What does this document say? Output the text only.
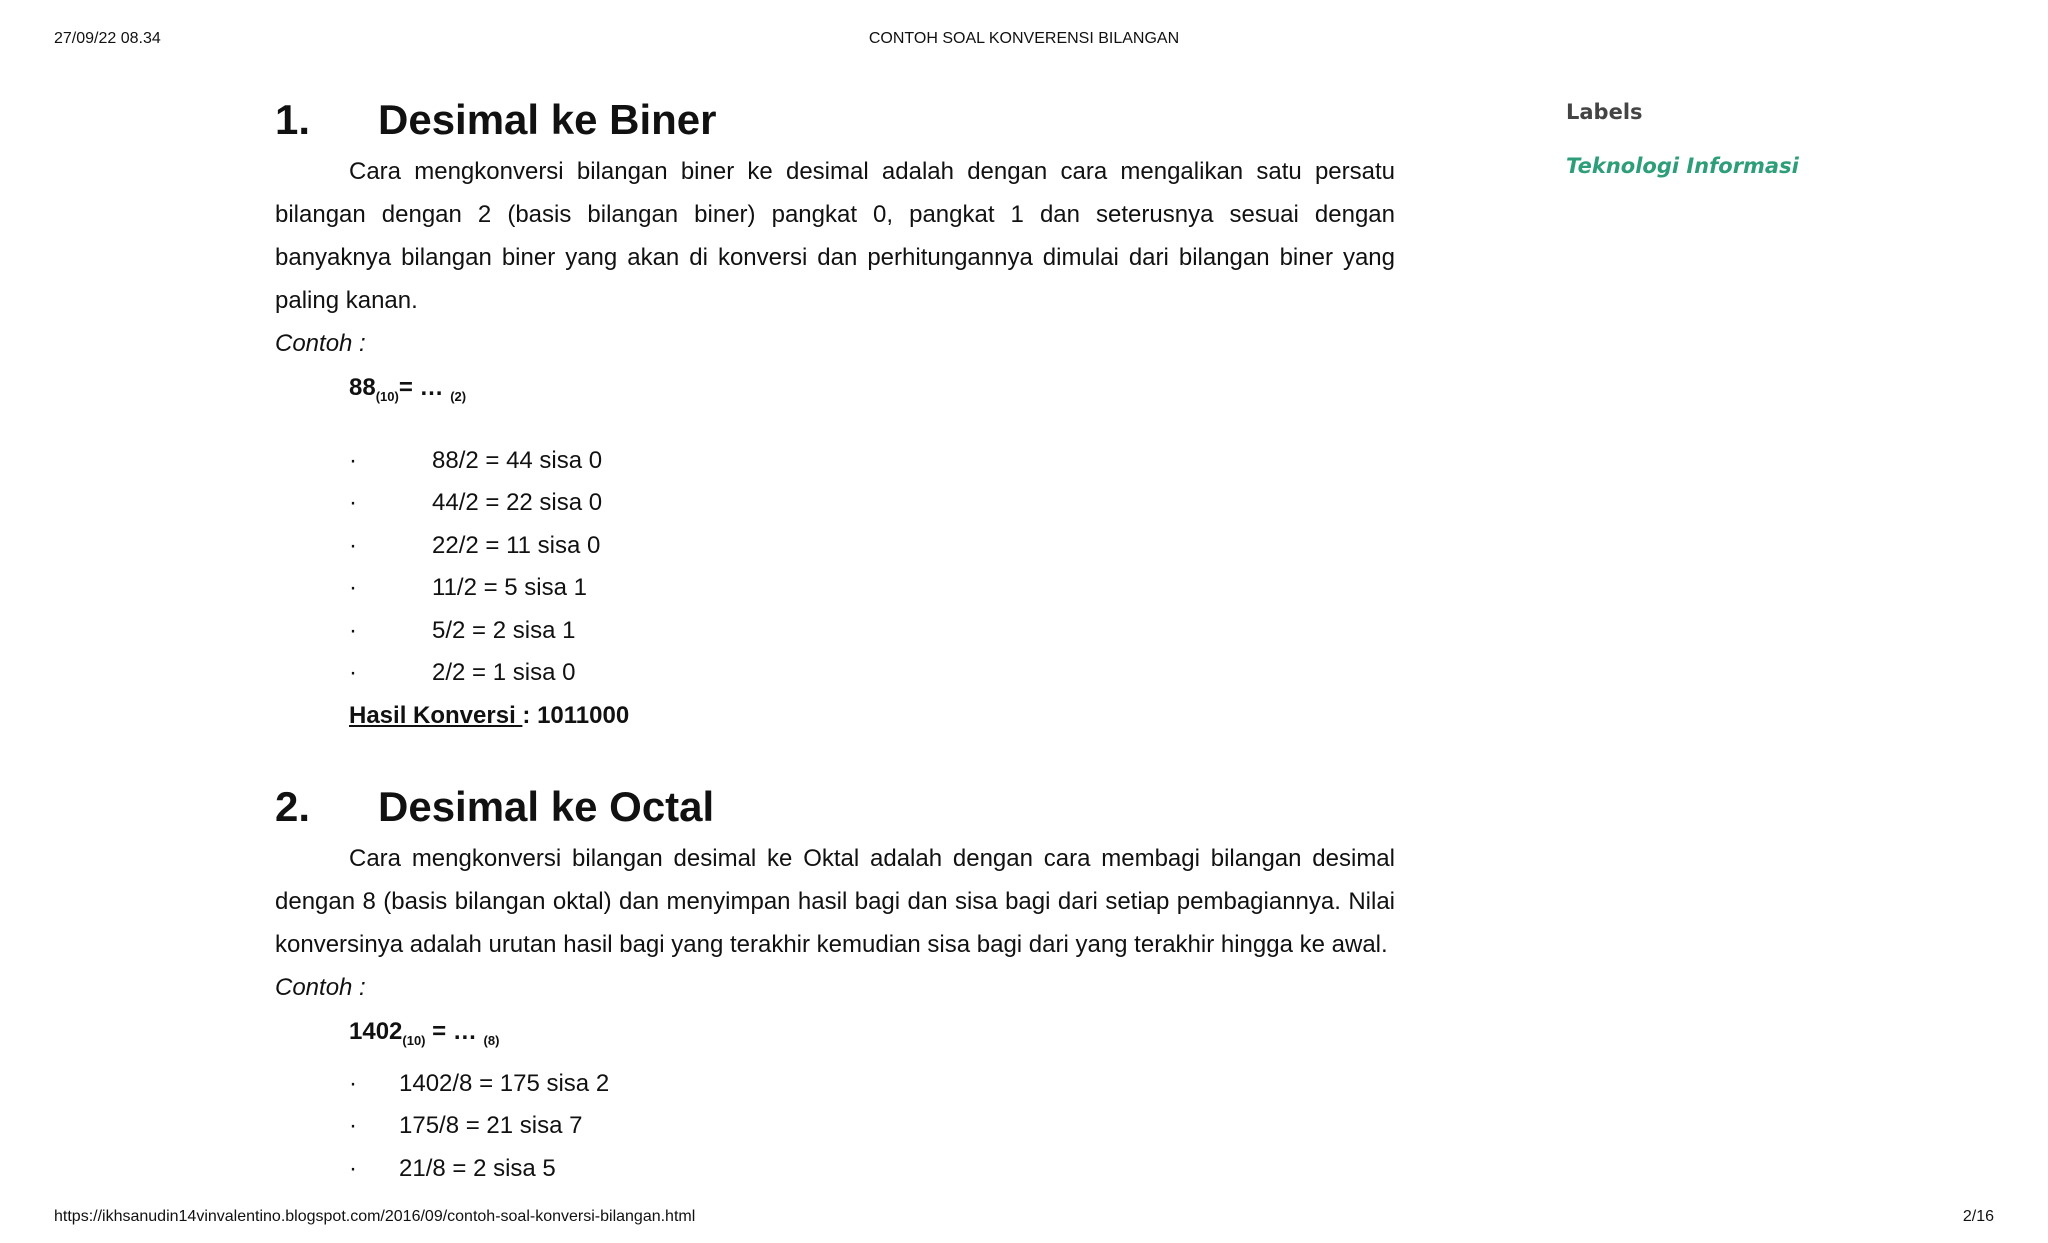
27/09/22 08.34	CONTOH SOAL KONVERENSI BILANGAN
1.	Desimal ke Biner

Cara mengkonversi bilangan biner ke desimal adalah dengan cara mengalikan satu persatu bilangan dengan 2 (basis bilangan biner) pangkat 0, pangkat 1 dan seterusnya sesuai dengan banyaknya bilangan biner yang akan di konversi dan perhitungannya dimulai dari bilangan biner yang paling kanan.

Contoh :
$88_{(10)}=$ … $_{(2)}$
·	88/2 = 44 sisa 0
·	44/2 = 22 sisa 0
·	22/2 = 11 sisa 0
·	11/2 = 5 sisa 1
·	5/2 = 2 sisa 1
·	2/2 = 1 sisa 0
Hasil Konversi : 1011000
2.	Desimal ke Octal

Cara mengkonversi bilangan desimal ke Oktal adalah dengan cara membagi bilangan desimal dengan 8 (basis bilangan oktal) dan menyimpan hasil bagi dan sisa bagi dari setiap pembagiannya. Nilai konversinya adalah urutan hasil bagi yang terakhir kemudian sisa bagi dari yang terakhir hingga ke awal.

Contoh :
$1402_{(10)}$ = … $_{(8)}$
· 1402/8 = 175 sisa 2
· 175/8 = 21 sisa 7
· 21/8 = 2 sisa 5
Labels
Teknologi Informasi
https://ikhsanudin14vinvalentino.blogspot.com/2016/09/contoh-soal-konversi-bilangan.html	2/16
